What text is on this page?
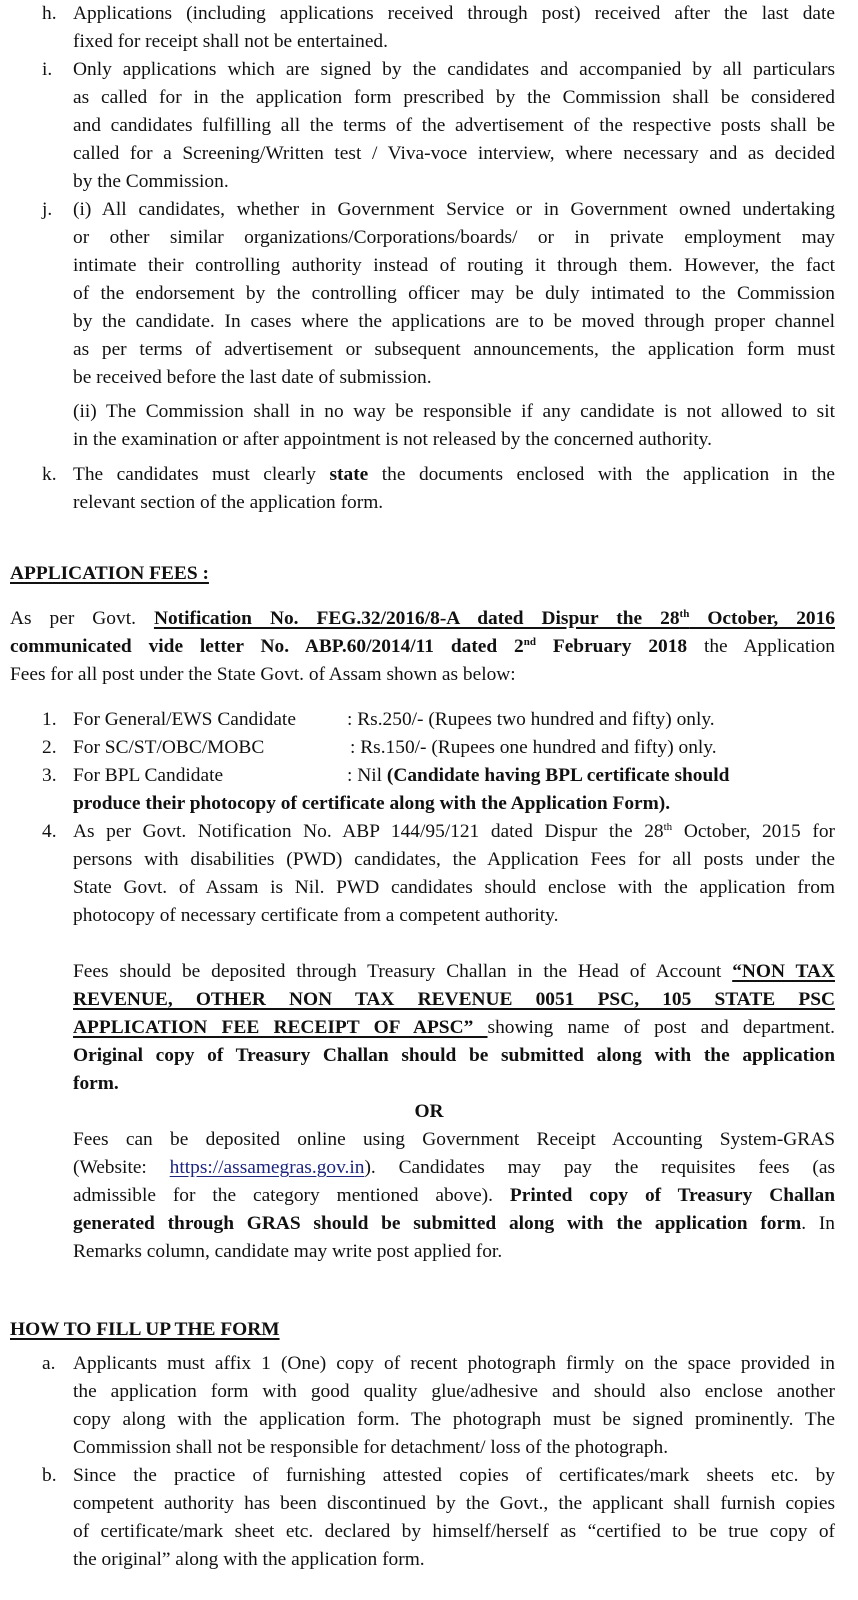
h. Applications (including applications received through post) received after the last date
fixed for receipt shall not be entertained.
i.	Only applications which are signed by the candidates and accompanied by all particulars
as called for in the application form prescribed by the Commission shall be considered
and candidates fulfilling all the terms of the advertisement of the respective posts shall be
called for a Screening/Written test / Viva-voce interview, where necessary and as decided
by the Commission.
j.	(i) All candidates, whether in Government Service or in Government owned undertaking
or other similar organizations/Corporations/boards/ or in private employment may
intimate their controlling authority instead of routing it through them. However, the fact
of the endorsement by the controlling officer may be duly intimated to the Commission
by the candidate. In cases where the applications are to be moved through proper channel
as per terms of advertisement or subsequent announcements, the application form must
be received before the last date of submission.
(ii) The Commission shall in no way be responsible if any candidate is not allowed to sit
in the examination or after appointment is not released by the concerned authority.
k. The candidates must clearly state the documents enclosed with the application in the
relevant section of the application form.
APPLICATION FEES :
As per Govt. Notification No. FEG.32/2016/8-A dated Dispur the 28th October, 2016
communicated vide letter No. ABP.60/2014/11 dated 2nd February 2018 the Application
Fees for all post under the State Govt. of Assam shown as below:
1. For General/EWS Candidate	: Rs.250/- (Rupees two hundred and fifty) only.
2. For SC/ST/OBC/MOBC	: Rs.150/- (Rupees one hundred and fifty) only.
3. For BPL Candidate	: Nil (Candidate having BPL certificate should
produce their photocopy of certificate along with the Application Form).
4. As per Govt. Notification No. ABP 144/95/121 dated Dispur the 28th October, 2015 for
persons with disabilities (PWD) candidates, the Application Fees for all posts under the
State Govt. of Assam is Nil. PWD candidates should enclose with the application from
photocopy of necessary certificate from a competent authority.
Fees should be deposited through Treasury Challan in the Head of Account “NON TAX
REVENUE, OTHER NON TAX REVENUE 0051 PSC, 105 STATE PSC
APPLICATION FEE RECEIPT OF APSC” showing name of post and department.
Original copy of Treasury Challan should be submitted along with the application
form.
OR
Fees can be deposited online using Government Receipt Accounting System-GRAS
(Website: https://assamegras.gov.in). Candidates may pay the requisites fees (as
admissible for the category mentioned above). Printed copy of Treasury Challan
generated through GRAS should be submitted along with the application form. In
Remarks column, candidate may write post applied for.
HOW TO FILL UP THE FORM
a. Applicants must affix 1 (One) copy of recent photograph firmly on the space provided in
the application form with good quality glue/adhesive and should also enclose another
copy along with the application form. The photograph must be signed prominently. The
Commission shall not be responsible for detachment/ loss of the photograph.
b. Since the practice of furnishing attested copies of certificates/mark sheets etc. by
competent authority has been discontinued by the Govt., the applicant shall furnish copies
of certificate/mark sheet etc. declared by himself/herself as “certified to be true copy of
the original” along with the application form.
